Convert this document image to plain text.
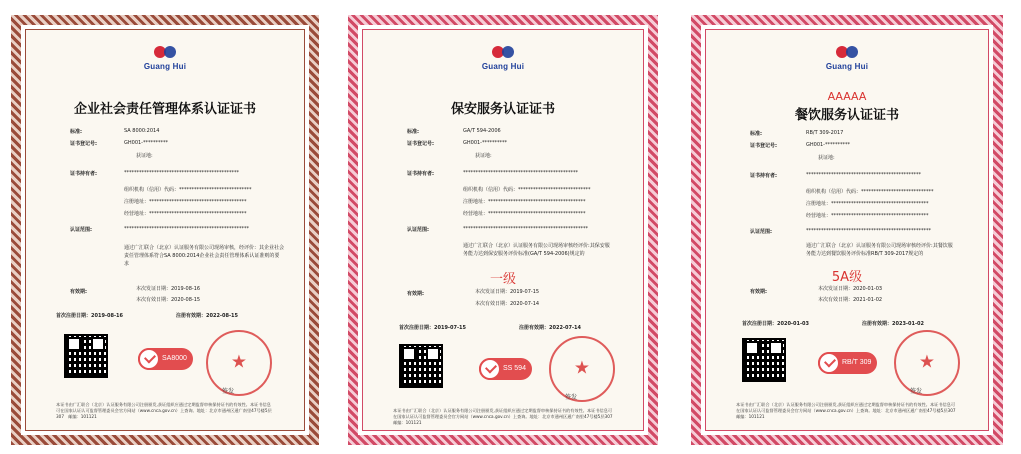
Guang Hui
企业社会责任管理体系认证证书
标准:	SA 8000:2014
证书登记号:	GH001-**********
获证地:
证书持有者:	**********************************************
组织机构（信用）代码：*****************************
注册地址：***************************************
经营地址：***************************************
认证范围:	**************************************************
通过广汇联合（北京）认证服务有限公司现场审核，经评价：其企业社会责任管理体系符合SA 8000:2014企业社会责任管理体系认证准则的要求
有效期:	本次发证日期：2019-08-16
本次有效日期：2020-08-15
首次注册日期：2019-08-16	注册有效期：2022-08-15
SA8000	★
签发
本证书由广汇联合（北京）认证服务有限公司注册颁发,获证组织应通过定期监督审核保持证书的有效性。本证书信息可在国家认证认可监督管理委员会官方网站（www.cnca.gov.cn）上查询。地址：北京市通州区通广南里47号楼5层307　邮编：101121
Guang Hui
保安服务认证证书
标准:	GA/T 594-2006
证书登记号:	GH001-**********
获证地:
证书持有者:	**********************************************
组织机构（信用）代码：*****************************
注册地址：***************************************
经营地址：***************************************
认证范围:	**************************************************
通过广汇联合（北京）认证服务有限公司现场审核经评价:其保安服务能力达到保安服务评价标准(GA/T 594-2006)规定的
一级
有效期:	本次发证日期：2019-07-15
本次有效日期：2020-07-14
首次注册日期：2019-07-15	注册有效期：2022-07-14
SS 594	★
签发
本证书由广汇联合（北京）认证服务有限公司注册颁发,获证组织应通过定期监督审核保持证书的有效性。本证书信息可在国家认证认可监督管理委员会官方网站（www.cnca.gov.cn）上查询。地址：北京市通州区通广南里47号楼5层307　邮编：101121
Guang Hui
AAAAA
餐饮服务认证证书
标准:	RB/T 309-2017
证书登记号:	GH001-**********
获证地:
证书持有者:	**********************************************
组织机构（信用）代码：*****************************
注册地址：***************************************
经营地址：***************************************
认证范围:	**************************************************
通过广汇联合（北京）认证服务有限公司现场审核经评价:其餐饮服务能力达到餐饮服务评价标准RB/T 309-2017规定的
5A级
有效期:	本次发证日期：2020-01-03
本次有效日期：2021-01-02
首次注册日期：2020-01-03	注册有效期：2023-01-02
RB/T 309	★
签发
本证书由广汇联合（北京）认证服务有限公司注册颁发,获证组织应通过定期监督审核保持证书的有效性。本证书信息可在国家认证认可监督管理委员会官方网站（www.cnca.gov.cn）上查询。地址：北京市通州区通广南里47号楼5层307　邮编：101121
